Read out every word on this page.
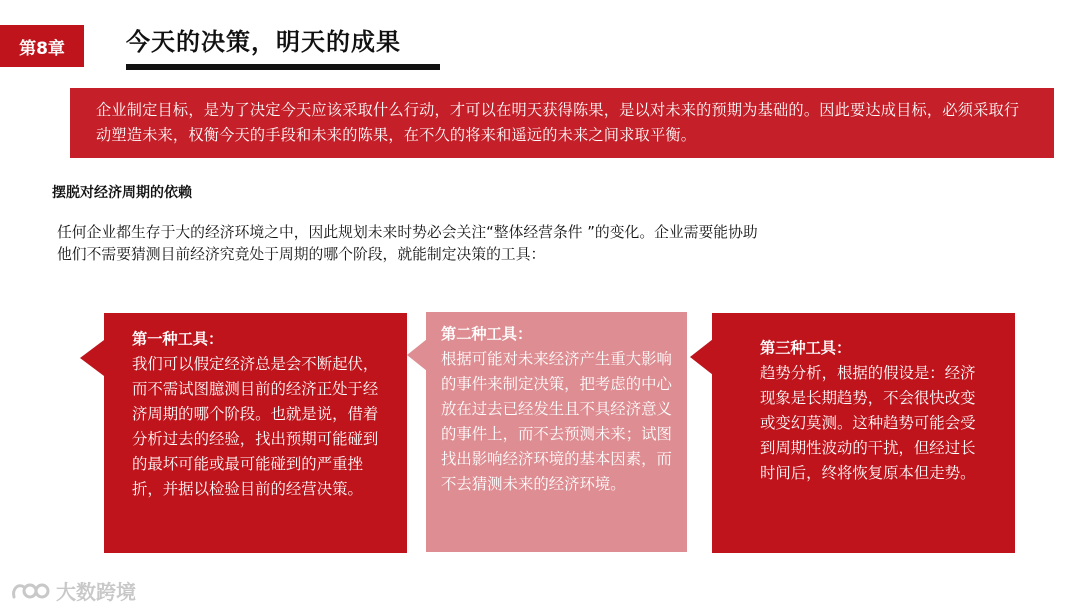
第8章	今天的决策，明天的成果
企业制定目标，是为了决定今天应该采取什么行动，才可以在明天获得陈果，是以对未来的预期为基础的。因此要达成目标，必须采取行动塑造未来，权衡今天的手段和未来的陈果，在不久的将来和遥远的未来之间求取平衡。
摆脱对经济周期的依赖
任何企业都生存于大的经济环境之中，因此规划未来时势必会关注“整体经营条件 ”的变化。企业需要能协助
他们不需要猜测目前经济究竟处于周期的哪个阶段，就能制定决策的工具：
第一种工具：
我们可以假定经济总是会不断起伏，而不需试图臆测目前的经济正处于经济周期的哪个阶段。也就是说，借着分析过去的经验，找出预期可能碰到的最坏可能或最可能碰到的严重挫折，并据以检验目前的经营决策。
第二种工具：
根据可能对未来经济产生重大影响的事件来制定决策，把考虑的中心放在过去已经发生且不具经济意义的事件上，而不去预测未来；试图找出影响经济环境的基本因素，而不去猜测未来的经济环境。
第三种工具：
趋势分析，根据的假设是：经济现象是长期趋势，不会很快改变或变幻莫测。这种趋势可能会受到周期性波动的干扰，但经过长时间后，终将恢复原本但走势。
大数跨境
